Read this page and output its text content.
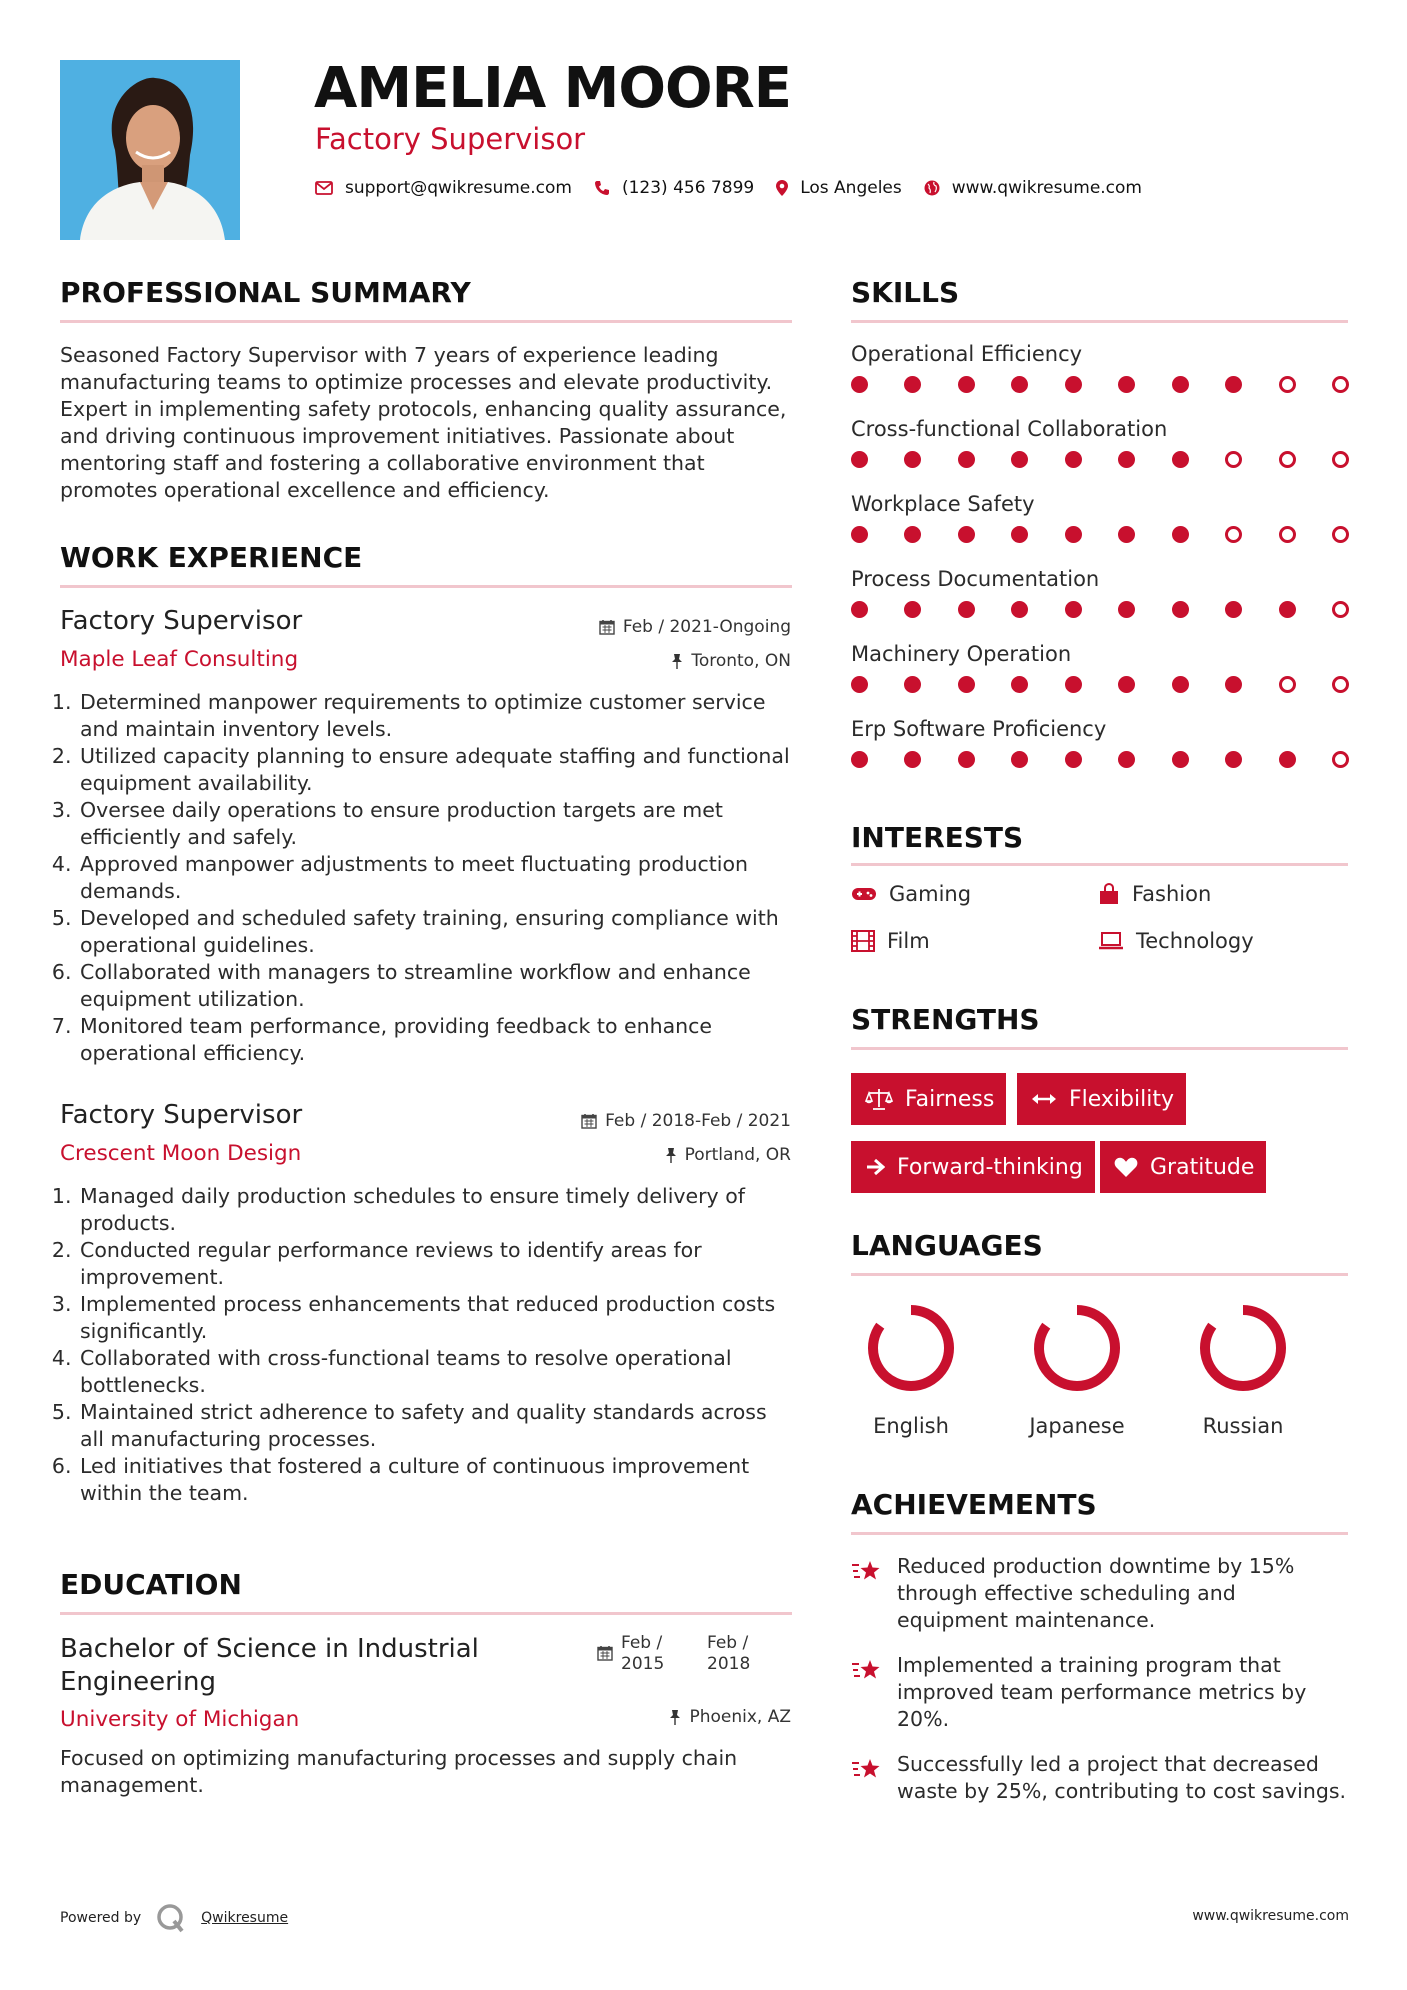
AMELIA MOORE
Factory Supervisor
support@qwikresume.com	(123) 456 7899	Los Angeles	www.qwikresume.com
PROFESSIONAL SUMMARY
Seasoned Factory Supervisor with 7 years of experience leading manufacturing teams to optimize processes and elevate productivity. Expert in implementing safety protocols, enhancing quality assurance, and driving continuous improvement initiatives. Passionate about mentoring staff and fostering a collaborative environment that promotes operational excellence and efficiency.
WORK EXPERIENCE
Factory Supervisor
Maple Leaf Consulting
Feb / 2021-Ongoing
Toronto, ON
1. Determined manpower requirements to optimize customer service and maintain inventory levels.
2. Utilized capacity planning to ensure adequate staffing and functional equipment availability.
3. Oversee daily operations to ensure production targets are met efficiently and safely.
4. Approved manpower adjustments to meet fluctuating production demands.
5. Developed and scheduled safety training, ensuring compliance with operational guidelines.
6. Collaborated with managers to streamline workflow and enhance equipment utilization.
7. Monitored team performance, providing feedback to enhance operational efficiency.
Factory Supervisor
Crescent Moon Design
Feb / 2018-Feb / 2021
Portland, OR
1. Managed daily production schedules to ensure timely delivery of products.
2. Conducted regular performance reviews to identify areas for improvement.
3. Implemented process enhancements that reduced production costs significantly.
4. Collaborated with cross-functional teams to resolve operational bottlenecks.
5. Maintained strict adherence to safety and quality standards across all manufacturing processes.
6. Led initiatives that fostered a culture of continuous improvement within the team.
EDUCATION
Bachelor of Science in Industrial Engineering
University of Michigan
Feb / 2015
Feb / 2018
Phoenix, AZ
Focused on optimizing manufacturing processes and supply chain management.
SKILLS
Operational Efficiency
Cross-functional Collaboration
Workplace Safety
Process Documentation
Machinery Operation
Erp Software Proficiency
INTERESTS
Gaming	Fashion
Film	Technology
STRENGTHS
Fairness	Flexibility
Forward-thinking	Gratitude
LANGUAGES
English	Japanese	Russian
ACHIEVEMENTS
Reduced production downtime by 15% through effective scheduling and equipment maintenance.
Implemented a training program that improved team performance metrics by 20%.
Successfully led a project that decreased waste by 25%, contributing to cost savings.
Powered by	Qwikresume	www.qwikresume.com
